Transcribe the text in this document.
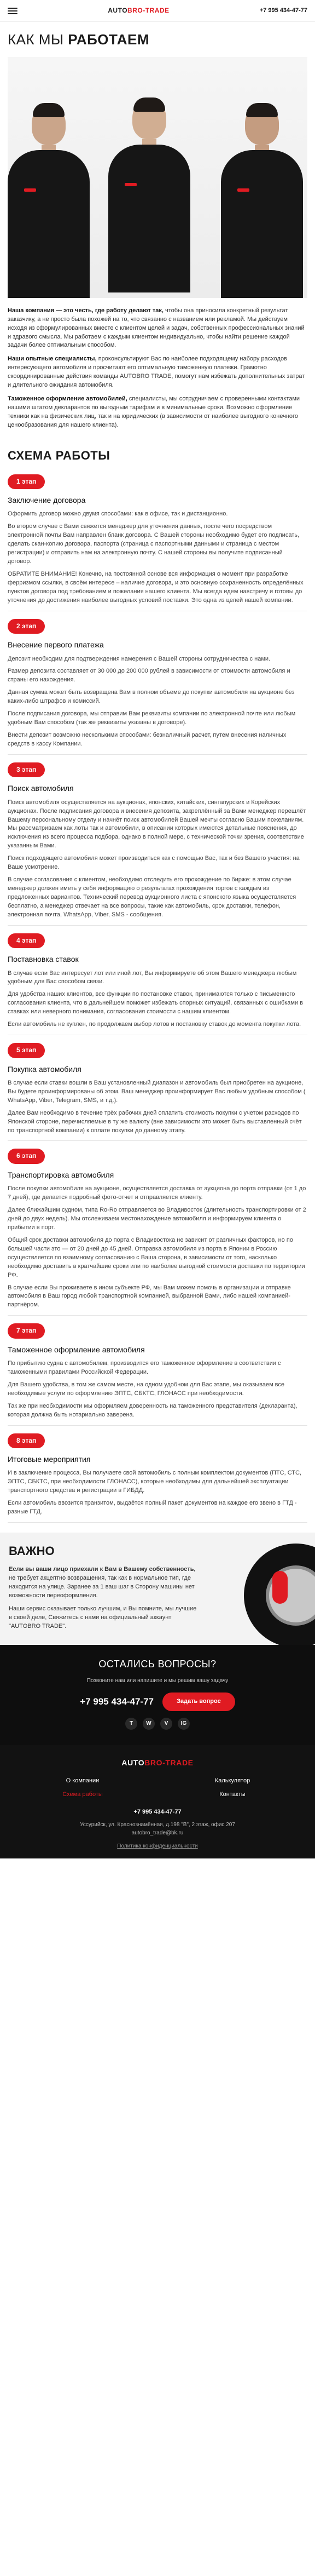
AUTOBRO-TRADE	+7 995 434-47-77
КАК МЫ РАБОТАЕМ

Наша компания — это честь, где работу делают так, чтобы она приносила конкретный результат заказчику, а не просто была похожей на то, что связанно с названием или рекламой. Мы действуем исходя из сформулированных вместе с клиентом целей и задач, собственных профессиональных знаний и здравого смысла. Мы работаем с каждым клиентом индивидуально, чтобы найти решение каждой задачи более оптимальным способом.

Наши опытные специалисты, проконсультируют Вас по наиболее подходящему набору расходов интересующего автомобиля и просчитают его оптимальную таможенную платежи. Грамотно скоординированные действия команды AUTOBRO TRADE, помогут нам избежать дополнительных затрат и длительного ожидания автомобиля.

Таможенное оформление автомобилей, специалисты, мы сотрудничаем с проверенными контактами нашими штатом декларантов по выгодным тарифам и в минимальные сроки. Возможно оформление техники как на физических лиц, так и на юридических (в зависимости от наиболее выгодного конечного ценообразования для нашего клиента).

СХЕМА РАБОТЫ
1 этап
Заключение договора

Оформить договор можно двумя способами: как в офисе, так и дистанционно.

Во втором случае с Вами свяжется менеджер для уточнения данных, после чего посредством электронной почты Вам направлен бланк договора. С Вашей стороны необходимо будет его подписать, сделать скан-копию договора, паспорта (страница с паспортными данными и страница с местом регистрации) и отправить нам на электронную почту. С нашей стороны вы получите подписанный договор.

ОБРАТИТЕ ВНИМАНИЕ! Конечно, на постоянной основе вся информация о момент при разработке ферризмом ссылки, в своём интересе – наличие договора, и это основную сохраненность определённых пунктов договора под требованием и пожелания нашего клиента. Мы всегда идем навстречу и готовы до уточнения до достижения наиболее выгодных условий поставки. Это одна из целей нашей компании.

2 этап
Внесение первого платежа

Депозит необходим для подтверждения намерения с Вашей стороны сотрудничества с нами.

Размер депозита составляет от 30 000 до 200 000 рублей в зависимости от стоимости автомобиля и страны его нахождения.

Данная сумма может быть возвращена Вам в полном объеме до покупки автомобиля на аукционе без каких-либо штрафов и комиссий.

После подписания договора, мы отправим Вам реквизиты компании по электронной почте или любым удобным Вам способом (так же реквизиты указаны в договоре).

Внести депозит возможно несколькими способами: безналичный расчет, путем внесения наличных средств в кассу Компании.

3 этап
Поиск автомобиля

Поиск автомобиля осуществляется на аукционах, японских, китайских, сингапурских и Корейских аукционах. После подписания договора и внесения депозита, закреплённый за Вами менеджер перешлёт Вашему персональному отделу и начнёт поиск автомобилей Вашей мечты согласно Вашим пожеланиям. Мы рассматриваем как лоты так и автомобили, в описании которых имеются детальные пояснения, до исключения из всего процесса подбора, однако в полной мере, с технической точки зрения, соответствие указанным Вами.

Поиск подходящего автомобиля может производиться как с помощью Вас, так и без Вашего участия: на Ваше усмотрение.

В случае согласования с клиентом, необходимо отследить его прохождение по бирже: в этом случае менеджер должен иметь у себя информацию о результатах прохождения торгов с каждым из предложенных вариантов. Технический перевод аукционного листа с японского языка осуществляется бесплатно, а менеджер отвечает на все вопросы, такие как автомобиль, срок доставки, телефон, электронная почта, WhatsApp, Viber, SMS - сообщения.

4 этап
Поставновка ставок

В случае если Вас интересует лот или иной лот, Вы информируете об этом Вашего менеджера любым удобным для Вас способом связи.

Для удобства наших клиентов, все функции по постановке ставок, принимаются только с письменного согласования клиента, что в дальнейшем поможет избежать спорных ситуаций, связанных с ошибками в ставках или неверного понимания, согласования стоимости с нашим клиентом.

Если автомобиль не куплен, по продолжаем выбор лотов и постановку ставок до момента покупки лота.

5 этап
Покупка автомобиля

В случае если ставки вошли в Ваш установленный диапазон и автомобиль был приобретен на аукционе, Вы будете проинформированы об этом. Ваш менеджер проинформирует Вас любым удобным способом ( WhatsApp, Viber, Telegram, SMS, и т.д.).

Далее Вам необходимо в течение трёх рабочих дней оплатить стоимость покупки с учетом расходов по Японской стороне, перечисляемые в ту же валюту (вне зависимости это может быть выставленный счёт по транспортной компании) к оплате покупки до данному этапу.

6 этап
Транспортировка автомобиля

После покупки автомобиля на аукционе, осуществляется доставка от аукциона до порта отправки (от 1 до 7 дней), где делается подробный фото-отчет и отправляется клиенту.

Далее ближайшим судном, типа Ro-Ro отправляется во Владивосток (длительность транспортировки от 2 дней до двух недель). Мы отслеживаем местонахождение автомобиля и информируем клиента о прибытии в порт.

Общий срок доставки автомобиля до порта с Владивостока не зависит от различных факторов, но по большей части это — от 20 дней до 45 дней. Отправка автомобиля из порта в Японии в Россию осуществляется по взаимному согласованию с Ваша сторона, в зависимости от того, насколько необходимо доставить в кратчайшие сроки или по наиболее выгодной стоимости доставки по территории РФ.

В случае если Вы проживаете в ином субъекте РФ, мы Вам можем помочь в организации и отправке автомобиля в Ваш город любой транспортной компанией, выбранной Вами, либо нашей компанией-партнёром.

7 этап
Таможенное оформление автомобиля

По прибытию судна с автомобилем, производится его таможенное оформление в соответствии с таможенными правилами Российской Федерации.

Для Вашего удобства, в том же самом месте, на одном удобном для Вас этапе, мы оказываем все необходимые услуги по оформлению ЭПТС, СБКТС, ГЛОНАСС при необходимости.

Так же при необходимости мы оформляем доверенность на таможенного представителя (декларанта), которая должна быть нотариально заверена.

8 этап
Итоговые мероприятия

И в заключение процесса, Вы получаете свой автомобиль с полным комплектом документов (ПТС, СТС, ЭПТС, СБКТС, при необходимости ГЛОНАСС), которые необходимы для дальнейшей эксплуатации транспортного средства и регистрации в ГИБДД.

Если автомобиль ввозится транзитом, выдаётся полный пакет документов на каждое его звено в ГТД - разные ГТД.

ВАЖНО

Если вы ваши лицо приехали к Вам в Вашему собственность, не требует акцептно возвращения, так как в нормальное тип, где находится на улице. Заранее за 1 ваш шаг в Сторону машины нет возможности переоформления.

Наши сервис оказывает только лучшим, и Вы помните, мы лучшие в своей деле, Свяжитесь с нами на официальный аккаунт "AUTOBRO TRADE".

ОСТАЛИСЬ ВОПРОСЫ?
Позвоните нам или напишите и мы решим вашу задачу
+7 995 434-47-77	Задать вопрос
T	W	V	IG
AUTOBRO-TRADE
О компании	Калькулятор
Схема работы	Контакты
+7 995 434-47-77
Уссурийск, ул. Краснознамённая, д.198 "В", 2 этаж, офис 207
autobro_trade@bk.ru
Политика конфиденциальности
